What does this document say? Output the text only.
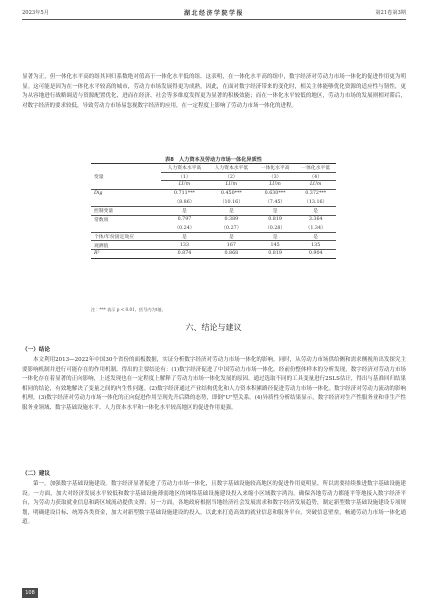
2023年5月	湖北经济学院学报	第21卷第3期

显著为正，但一体化水平高的组其回归系数绝对值高于一体化水平低的组。这表明，在一体化水平高的组中，数字经济对劳动力市场一体化的促进作用更为明显。这可能是因为在一体化水平较高的城市，劳动力市场发展得更为成熟，因此，在面对数字经济带来的变化时，相关主体能够优化资源的适应性与韧性，更为从容地进行战略调适与资源配置优化，进而在经济、社会等多维度发挥更为显著的积极效能；而在一体化水平较低的地区，劳动力市场的发展则相对滞后，对数字经济的要求较低，导致劳动力市场易忽视数字经济的应用，在一定程度上影响了劳动力市场一体化的进程。

表8　人力资本及劳动力市场一体化异质性
变量	人力资本水平高	人力资本水平低	一体化水平高	一体化水平低
	（1）	（2）	（3）	（4）
	LUm	LUm	LUm	LUm
Dig	0.711***	0.450***	0.630***	0.372***
	（8.86）	（10.16）	（7.45）	（13.16）
控制变量	是	是	是	是
常数项	0.797	0.389	0.819	3.364
	（0.24）	（0.27）	（0.28）	（1.34）
个体/年份固定效应	是	是	是	是
观测值	133	167	145	135
R²	0.874	0.868	0.819	0.904
注：*** 表示 p < 0.01，括号内为t值。
六、结论与建议
（一）结论

本文利用2013—2022年中国30个省份的面板数据，实证分析数字经济对劳动力市场一体化的影响。同时，从劳动力市场供给侧和需求侧视角出发探究主要影响机制并进行可能存在的作用机制。得出的主要结论有：(1)数字经济促进了中国劳动力市场一体化。经前份整体样本的分析发现，数字经济对劳动力市场一体化存在着显著的正向影响，上述发现也在一定程度上解释了劳动力市场一体化发展的原因。通过选取不同的工具变量进行2SLS估计，得出与基准回归结果相同的结论，有效地解决了变量之间的内生性问题。(2)数字经济通过产业结构优化和人力资本积累路径促进劳动力市场一体化。数字经济对劳动力流动的影响机理，(3)数字经济对劳动力市场一体化的正向促进作用呈现先升后降的态势，即倒"U"型关系。(4)异质性分析结果显示，数字经济对生产性服务业和非生产性服务业领域、数字基础设施水平、人力资本水平和一体化水平较高地区的促进作用更强。

（二）建议

第一，加强数字基础设施建设。数字经济显著促进了劳动力市场一体化，且数字基础设施较高地区的促进作用更明显，所以需要持续推进数字基础设施建设。一方面，加大对经济发展水平较低和数字基础设施薄弱地区的网络基础设施建设投入来缩小区域数字鸿沟，确保各地劳动力都能平等地接入数字经济平台，为劳动力获取就业信息和跨区域流动提供支撑；另一方面，各地政府根据当地经济社会发展需求和数字经济发展趋势，制定新型数字基础设施建设专项规划，明确建设目标、统筹各类资金，加大对新型数字基础设施建设的投入，以此来打造高效的就业信息和服务平台，突破信息壁垒，畅通劳动力市场一体化通道。

108
